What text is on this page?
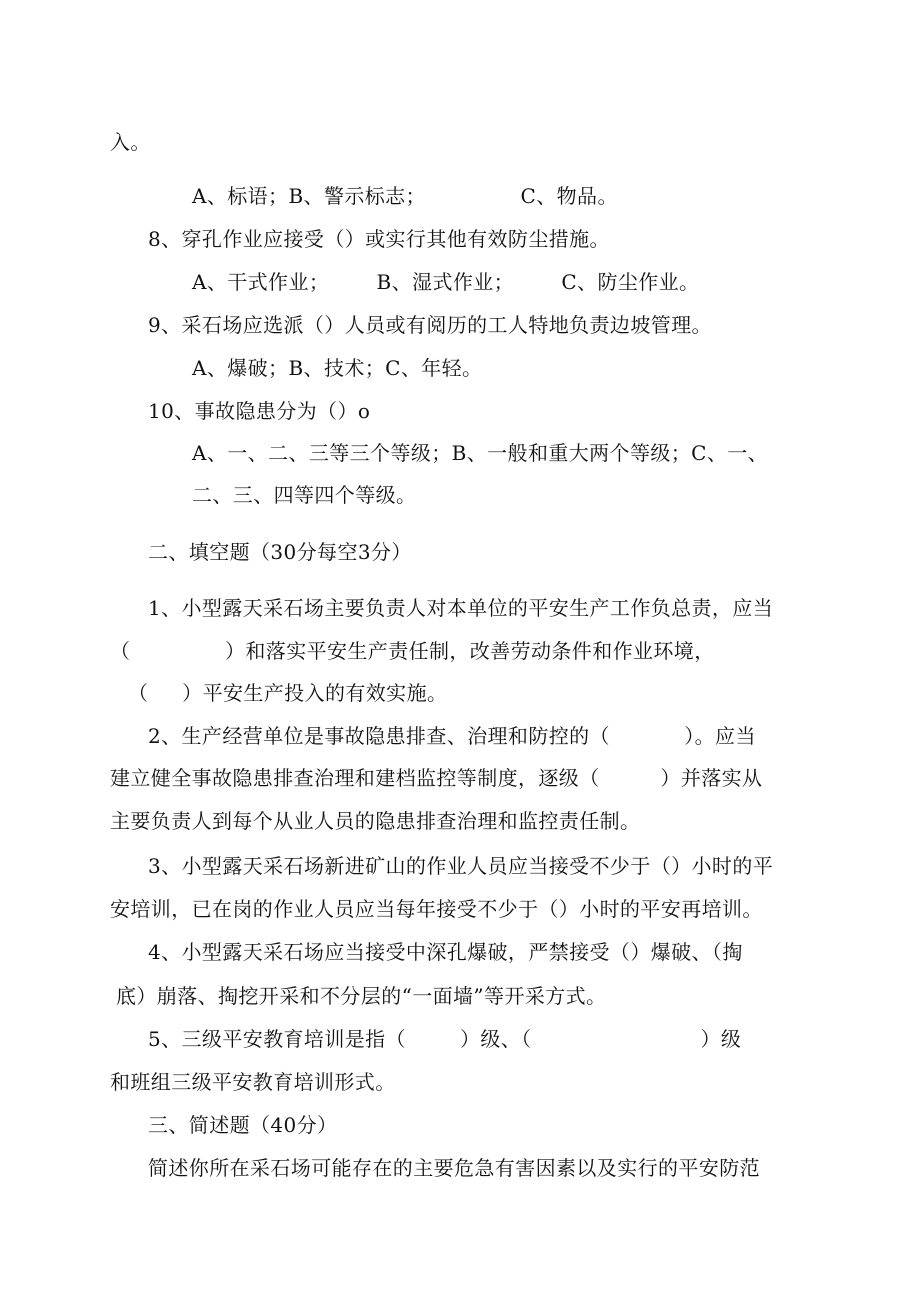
入。
A、标语；B、警示标志；              C、物品。
8、穿孔作业应接受（）或实行其他有效防尘措施。
A、干式作业；       B、湿式作业；       C、防尘作业。
9、采石场应选派（）人员或有阅历的工人特地负责边坡管理。
A、爆破；B、技术；C、年轻。
10、事故隐患分为（）o
A、一、二、三等三个等级；B、一般和重大两个等级；C、一、
二、三、四等四个等级。
二、填空题（30分每空3分）
1、小型露天采石场主要负责人对本单位的平安生产工作负总责，应当
（              ）和落实平安生产责任制，改善劳动条件和作业环境，
（     ）平安生产投入的有效实施。
2、生产经营单位是事故隐患排查、治理和防控的（           ）。应当
建立健全事故隐患排查治理和建档监控等制度，逐级（         ）并落实从
主要负责人到每个从业人员的隐患排查治理和监控责任制。
3、小型露天采石场新进矿山的作业人员应当接受不少于（）小时的平
安培训，已在岗的作业人员应当每年接受不少于（）小时的平安再培训。
4、小型露天采石场应当接受中深孔爆破，严禁接受（）爆破、（掏
底）崩落、掏挖开采和不分层的“一面墙”等开采方式。
5、三级平安教育培训是指（        ）级、（                         ）级
和班组三级平安教育培训形式。
三、简述题（40分）
简述你所在采石场可能存在的主要危急有害因素以及实行的平安防范
